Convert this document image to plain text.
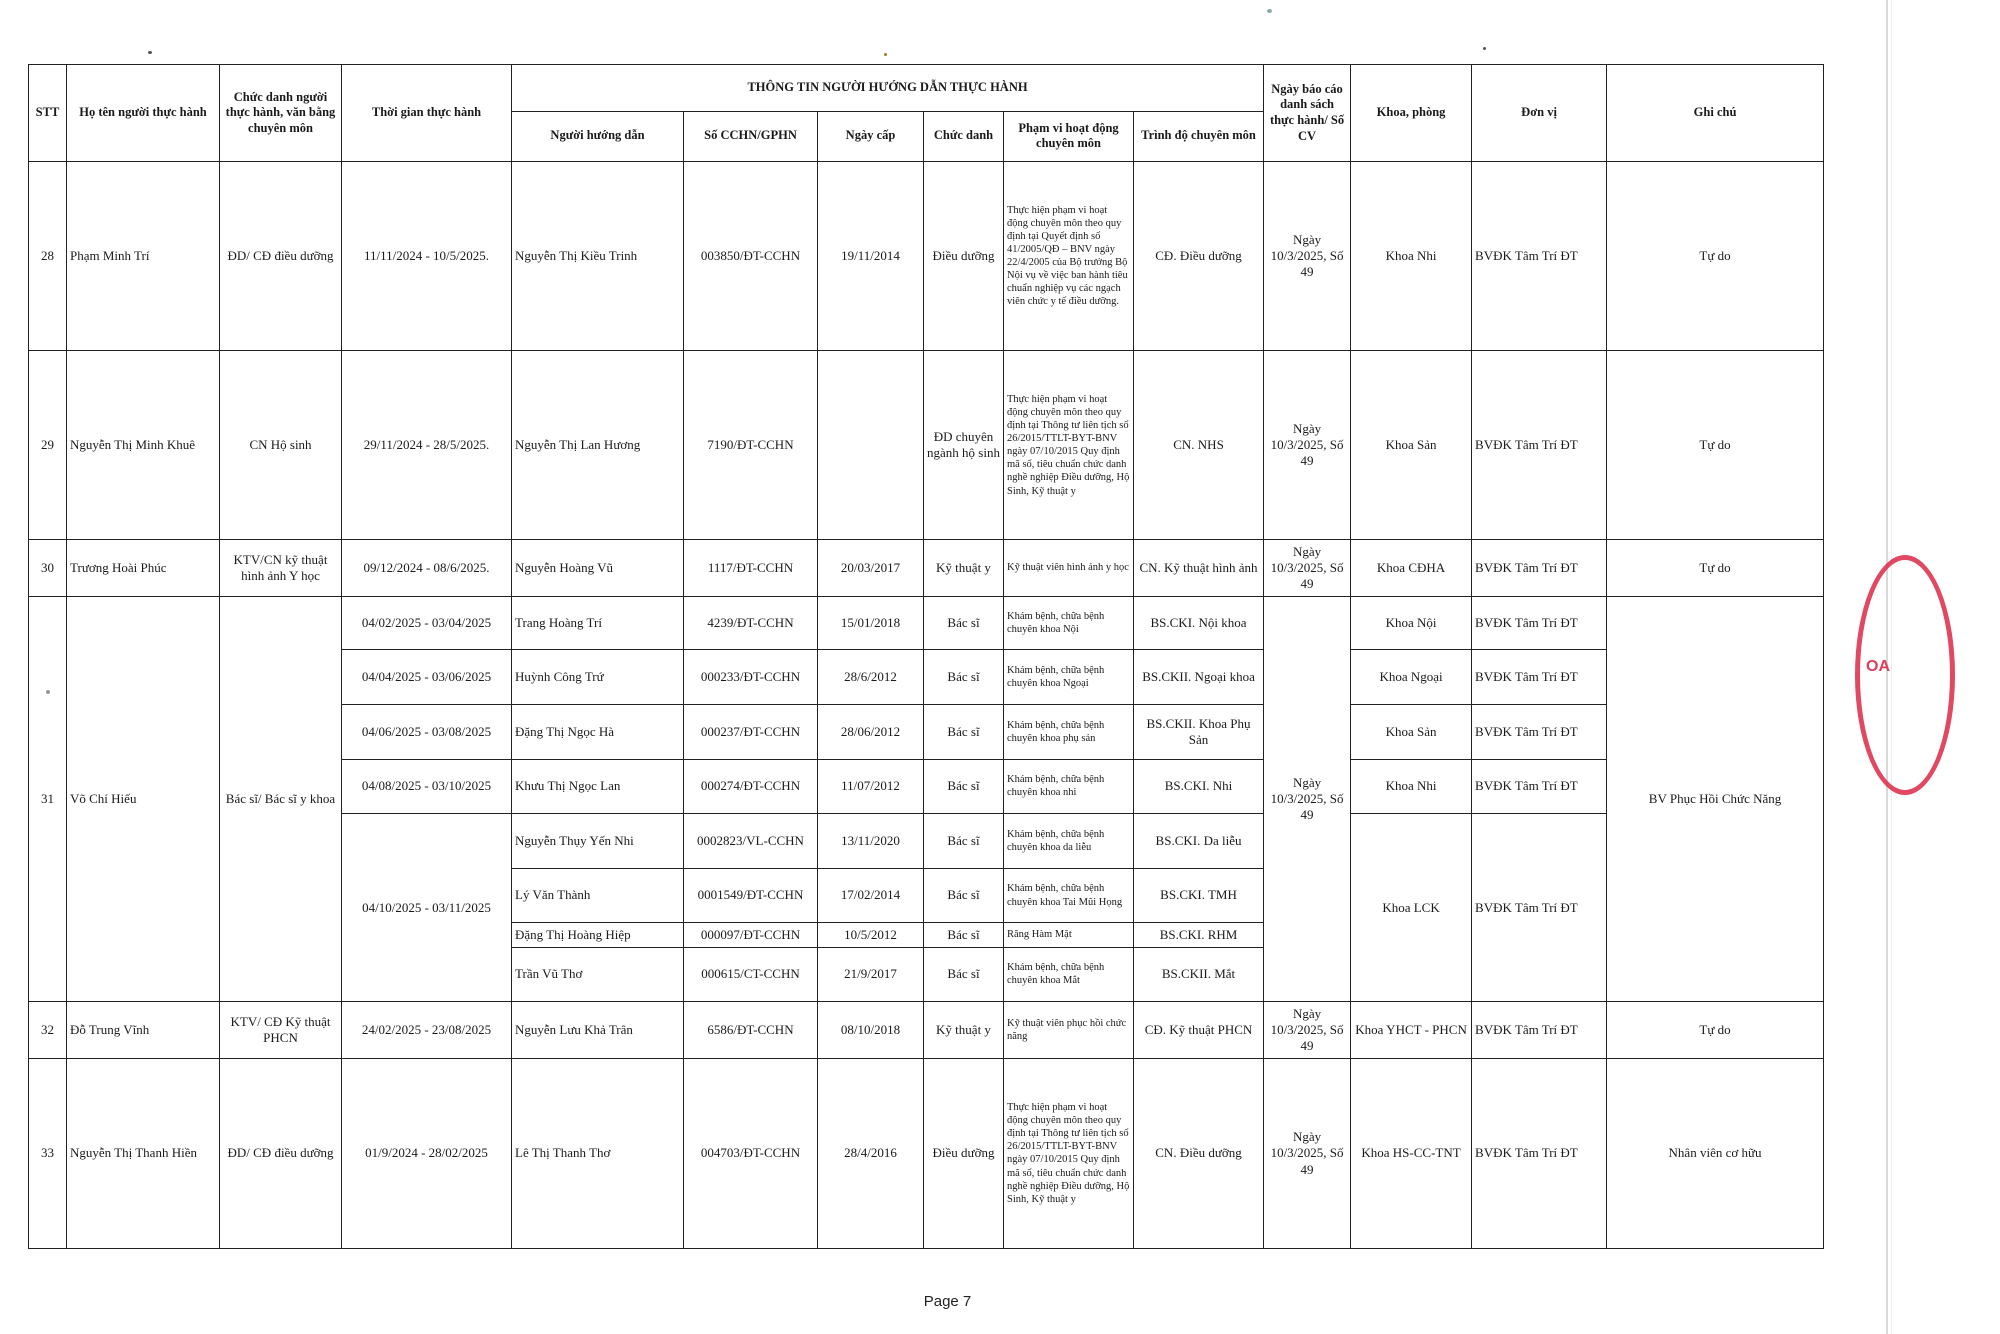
OA
STT	Họ tên người thực hành	Chức danh người thực hành, văn bằng chuyên môn	Thời gian thực hành	THÔNG TIN NGƯỜI HƯỚNG DẪN THỰC HÀNH						Ngày báo cáo danh sách thực hành/ Số CV	Khoa, phòng	Đơn vị	Ghi chú
				Người hướng dẫn	Số CCHN/GPHN	Ngày cấp	Chức danh	Phạm vi hoạt động chuyên môn	Trình độ chuyên môn				
28	Phạm Minh Trí	ĐD/ CĐ điều dưỡng	11/11/2024 - 10/5/2025.	Nguyễn Thị Kiều Trinh	003850/ĐT-CCHN	19/11/2014	Điều dưỡng	Thực hiện phạm vi hoạt động chuyên môn theo quy định tại Quyết định số 41/2005/QĐ – BNV ngày 22/4/2005 của Bộ trưởng Bộ Nội vụ về việc ban hành tiêu chuẩn nghiệp vụ các ngạch viên chức y tế điều dưỡng.	CĐ. Điều dưỡng	Ngày 10/3/2025, Số 49	Khoa Nhi	BVĐK Tâm Trí ĐT	Tự do
29	Nguyễn Thị Minh Khuê	CN Hộ sinh	29/11/2024 - 28/5/2025.	Nguyễn Thị Lan Hương	7190/ĐT-CCHN		ĐD chuyên ngành hộ sinh	Thực hiện phạm vi hoạt động chuyên môn theo quy định tại Thông tư liên tịch số 26/2015/TTLT-BYT-BNV ngày 07/10/2015 Quy định mã số, tiêu chuẩn chức danh nghề nghiệp Điều dưỡng, Hộ Sinh, Kỹ thuật y	CN. NHS	Ngày 10/3/2025, Số 49	Khoa Sản	BVĐK Tâm Trí ĐT	Tự do
30	Trương Hoài Phúc	KTV/CN kỹ thuật hình ảnh Y học	09/12/2024 - 08/6/2025.	Nguyễn Hoàng Vũ	1117/ĐT-CCHN	20/03/2017	Kỹ thuật y	Kỹ thuật viên hình ảnh y học	CN. Kỹ thuật hình ảnh	Ngày 10/3/2025, Số 49	Khoa CĐHA	BVĐK Tâm Trí ĐT	Tự do
31	Võ Chí Hiếu	Bác sĩ/ Bác sĩ y khoa	04/02/2025 - 03/04/2025	Trang Hoàng Trí	4239/ĐT-CCHN	15/01/2018	Bác sĩ	Khám bệnh, chữa bệnh chuyên khoa Nội	BS.CKI. Nội khoa	Ngày 10/3/2025, Số 49	Khoa Nội	BVĐK Tâm Trí ĐT	BV Phục Hồi Chức Năng
			04/04/2025 - 03/06/2025	Huỳnh Công Trứ	000233/ĐT-CCHN	28/6/2012	Bác sĩ	Khám bệnh, chữa bệnh chuyên khoa Ngoại	BS.CKII. Ngoại khoa		Khoa Ngoại	BVĐK Tâm Trí ĐT	
			04/06/2025 - 03/08/2025	Đặng Thị Ngọc Hà	000237/ĐT-CCHN	28/06/2012	Bác sĩ	Khám bệnh, chữa bệnh chuyên khoa phụ sản	BS.CKII. Khoa Phụ Sản		Khoa Sản	BVĐK Tâm Trí ĐT	
			04/08/2025 - 03/10/2025	Khưu Thị Ngọc Lan	000274/ĐT-CCHN	11/07/2012	Bác sĩ	Khám bệnh, chữa bệnh chuyên khoa nhi	BS.CKI. Nhi		Khoa Nhi	BVĐK Tâm Trí ĐT	
			04/10/2025 - 03/11/2025	Nguyễn Thụy Yến Nhi	0002823/VL-CCHN	13/11/2020	Bác sĩ	Khám bệnh, chữa bệnh chuyên khoa da liễu	BS.CKI. Da liễu		Khoa LCK	BVĐK Tâm Trí ĐT	
				Lý Văn Thành	0001549/ĐT-CCHN	17/02/2014	Bác sĩ	Khám bệnh, chữa bệnh chuyên khoa Tai Mũi Họng	BS.CKI. TMH				
				Đặng Thị Hoàng Hiệp	000097/ĐT-CCHN	10/5/2012	Bác sĩ	Răng Hàm Mặt	BS.CKI. RHM				
				Trần Vũ Thơ	000615/CT-CCHN	21/9/2017	Bác sĩ	Khám bệnh, chữa bệnh chuyên khoa Mắt	BS.CKII. Mắt				
32	Đỗ Trung Vĩnh	KTV/ CĐ Kỹ thuật PHCN	24/02/2025 - 23/08/2025	Nguyễn Lưu Khả Trân	6586/ĐT-CCHN	08/10/2018	Kỹ thuật y	Kỹ thuật viên phục hồi chức năng	CĐ. Kỹ thuật PHCN	Ngày 10/3/2025, Số 49	Khoa YHCT - PHCN	BVĐK Tâm Trí ĐT	Tự do
33	Nguyễn Thị Thanh Hiền	ĐD/ CĐ điều dưỡng	01/9/2024 - 28/02/2025	Lê Thị Thanh Thơ	004703/ĐT-CCHN	28/4/2016	Điều dưỡng	Thực hiện phạm vi hoạt động chuyên môn theo quy định tại Thông tư liên tịch số 26/2015/TTLT-BYT-BNV ngày 07/10/2015 Quy định mã số, tiêu chuẩn chức danh nghề nghiệp Điều dưỡng, Hộ Sinh, Kỹ thuật y	CN. Điều dưỡng	Ngày 10/3/2025, Số 49	Khoa HS-CC-TNT	BVĐK Tâm Trí ĐT	Nhân viên cơ hữu
Page 7
